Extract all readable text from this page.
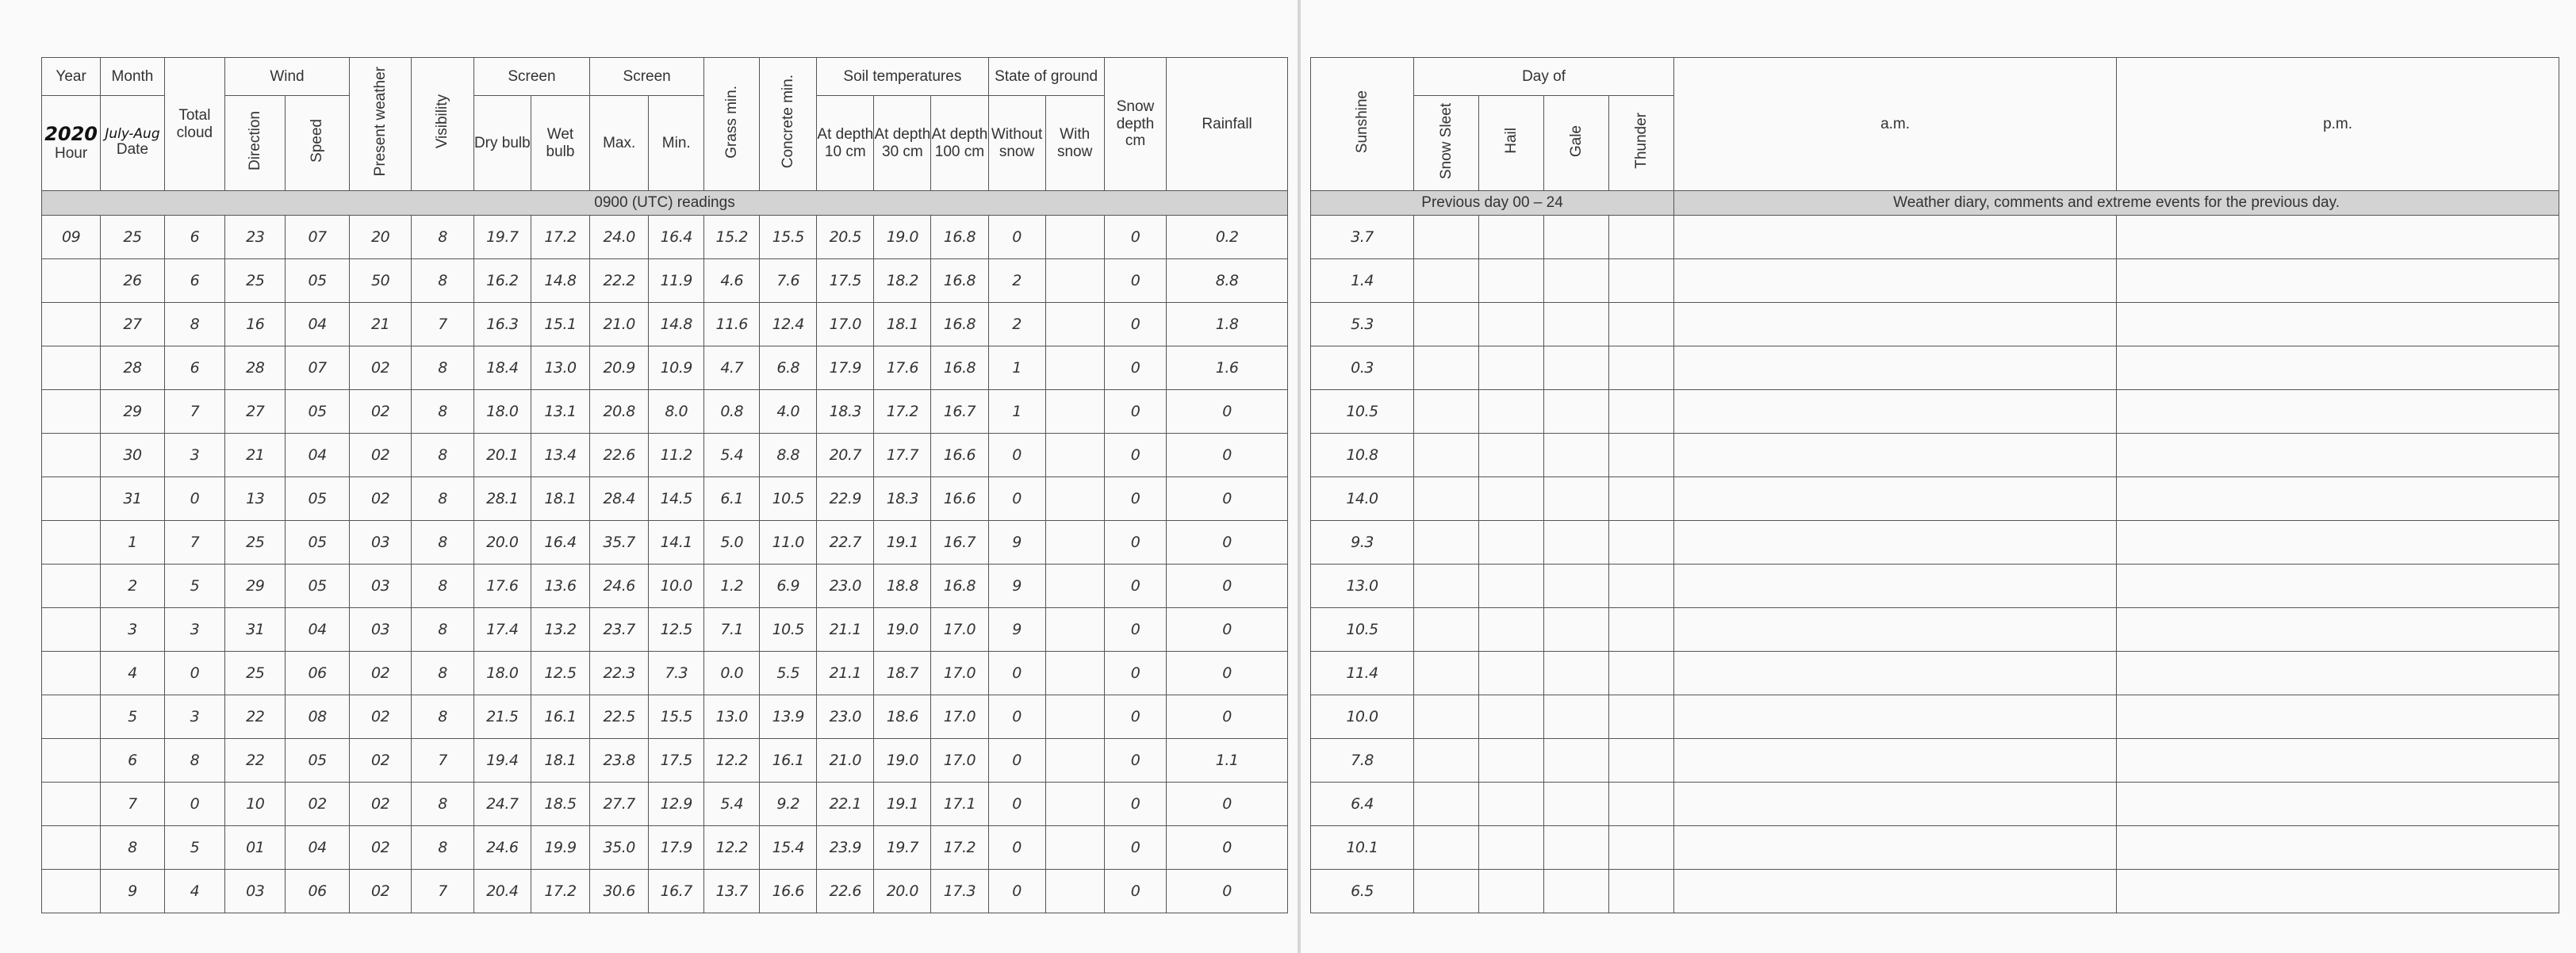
Year	Month	Total cloud	Wind		Present weather	Visibility	Screen		Screen		Grass min.	Concrete min.	Soil temperatures			State of ground		Snow depth cm	Rainfall

2020
Hour	July-Aug
Date		Direction	Speed			Dry bulb	Wet bulb	Max.	Min.			At depth 10 cm	At depth 30 cm	At depth 100 cm	Without snow	With snow		
0900 (UTC) readings																			
09	25	6	23	07	20	8	19.7	17.2	24.0	16.4	15.2	15.5	20.5	19.0	16.8	0		0	0.2
	26	6	25	05	50	8	16.2	14.8	22.2	11.9	4.6	7.6	17.5	18.2	16.8	2		0	8.8
	27	8	16	04	21	7	16.3	15.1	21.0	14.8	11.6	12.4	17.0	18.1	16.8	2		0	1.8
	28	6	28	07	02	8	18.4	13.0	20.9	10.9	4.7	6.8	17.9	17.6	16.8	1		0	1.6
	29	7	27	05	02	8	18.0	13.1	20.8	8.0	0.8	4.0	18.3	17.2	16.7	1		0	0
	30	3	21	04	02	8	20.1	13.4	22.6	11.2	5.4	8.8	20.7	17.7	16.6	0		0	0
	31	0	13	05	02	8	28.1	18.1	28.4	14.5	6.1	10.5	22.9	18.3	16.6	0		0	0
	1	7	25	05	03	8	20.0	16.4	35.7	14.1	5.0	11.0	22.7	19.1	16.7	9		0	0
	2	5	29	05	03	8	17.6	13.6	24.6	10.0	1.2	6.9	23.0	18.8	16.8	9		0	0
	3	3	31	04	03	8	17.4	13.2	23.7	12.5	7.1	10.5	21.1	19.0	17.0	9		0	0
	4	0	25	06	02	8	18.0	12.5	22.3	7.3	0.0	5.5	21.1	18.7	17.0	0		0	0
	5	3	22	08	02	8	21.5	16.1	22.5	15.5	13.0	13.9	23.0	18.6	17.0	0		0	0
	6	8	22	05	02	7	19.4	18.1	23.8	17.5	12.2	16.1	21.0	19.0	17.0	0		0	1.1
	7	0	10	02	02	8	24.7	18.5	27.7	12.9	5.4	9.2	22.1	19.1	17.1	0		0	0
	8	5	01	04	02	8	24.6	19.9	35.0	17.9	12.2	15.4	23.9	19.7	17.2	0		0	0
	9	4	03	06	02	7	20.4	17.2	30.6	16.7	13.7	16.6	22.6	20.0	17.3	0		0	0
Sunshine	Day of				a.m.	p.m.
	Snow Sleet	Hail	Gale	Thunder		
Previous day 00 – 24					Weather diary, comments and extreme events for the previous day.	
3.7						
1.4						
5.3						
0.3						
10.5						
10.8						
14.0						
9.3						
13.0						
10.5						
11.4						
10.0						
7.8						
6.4						
10.1						
6.5						
